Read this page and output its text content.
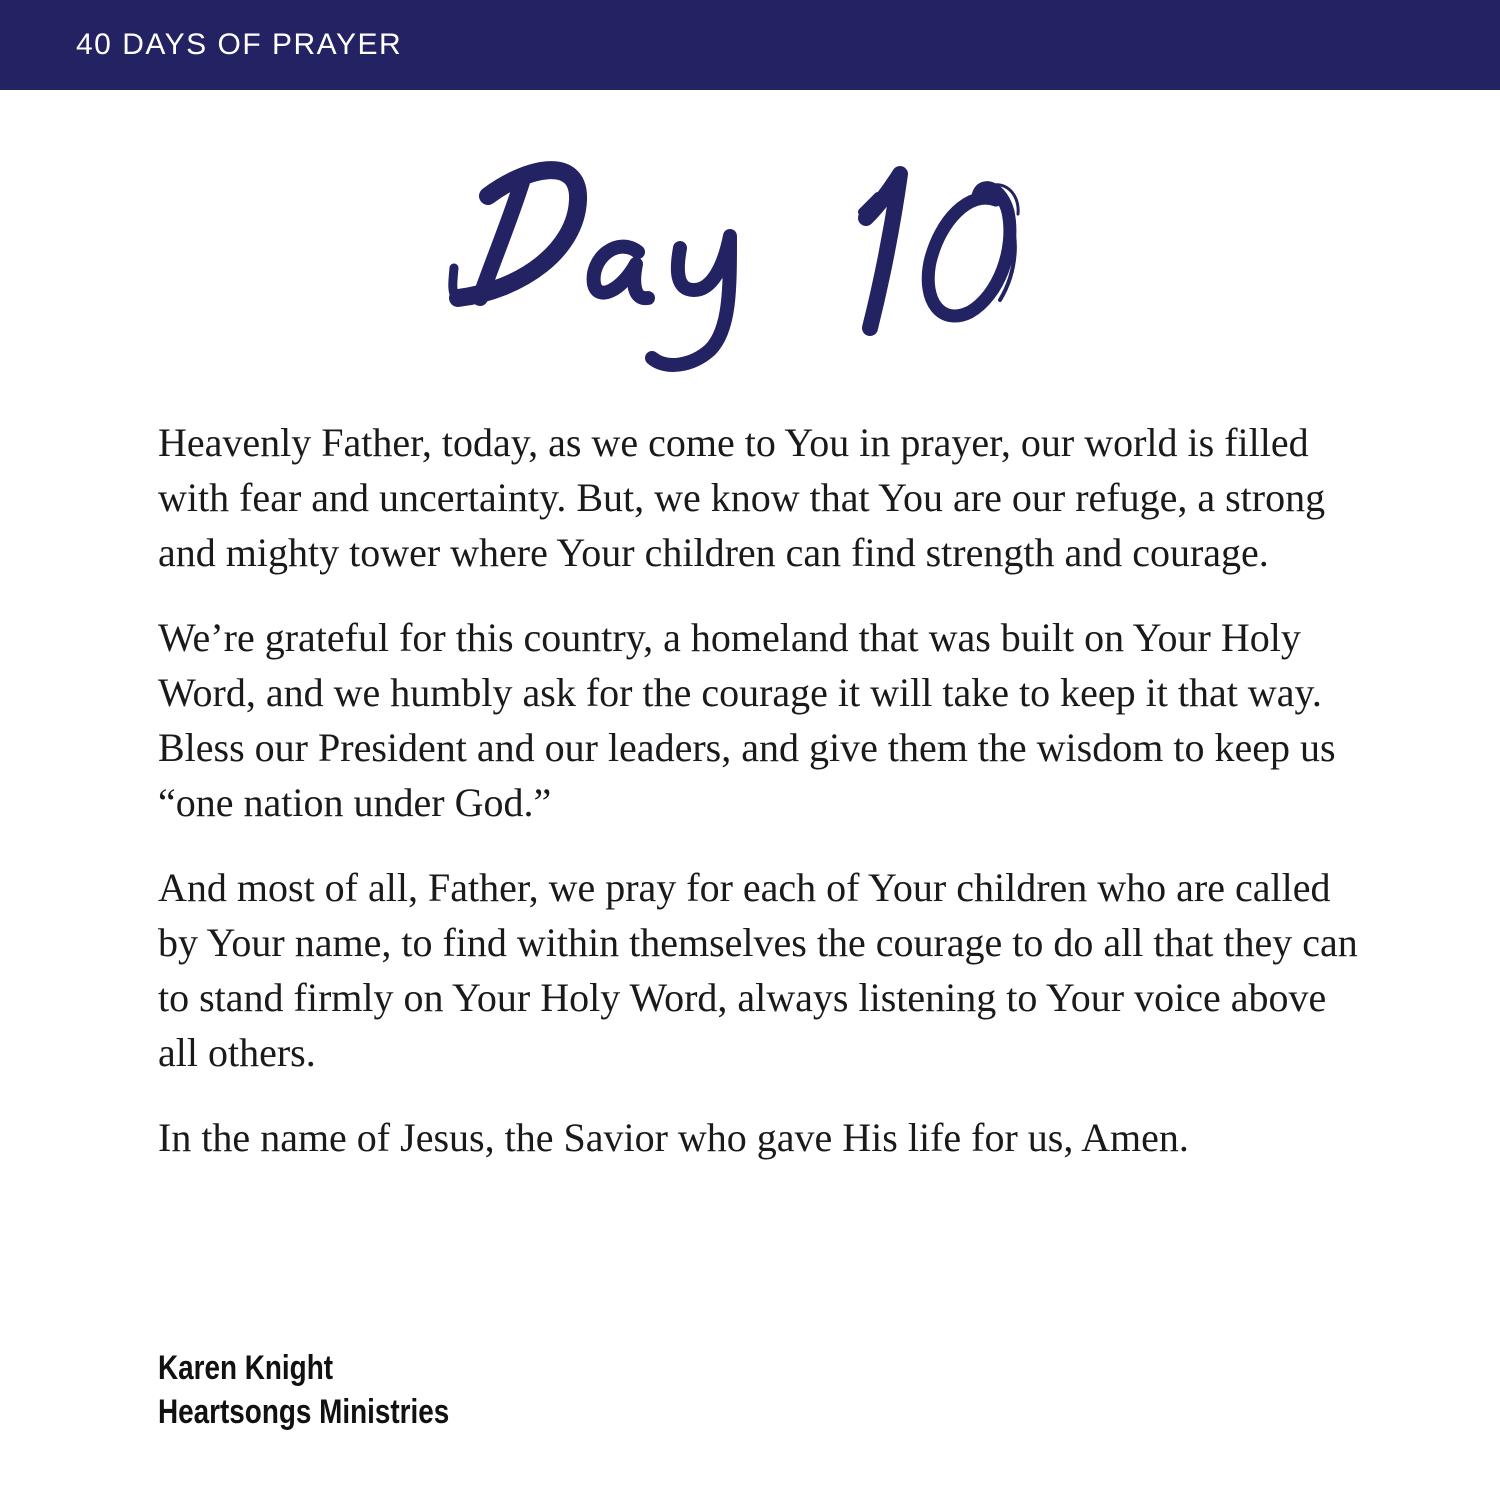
40 DAYS OF PRAYER

Heavenly Father, today, as we come to You in prayer, our world is filled with fear and uncertainty. But, we know that You are our refuge, a strong and mighty tower where Your children can find strength and courage.

We’re grateful for this country, a homeland that was built on Your Holy Word, and we humbly ask for the courage it will take to keep it that way. Bless our President and our leaders, and give them the wisdom to keep us “one nation under God.”

And most of all, Father, we pray for each of Your children who are called by Your name, to find within themselves the courage to do all that they can to stand firmly on Your Holy Word, always listening to Your voice above all others.

In the name of Jesus, the Savior who gave His life for us, Amen.

Karen Knight
Heartsongs Ministries
